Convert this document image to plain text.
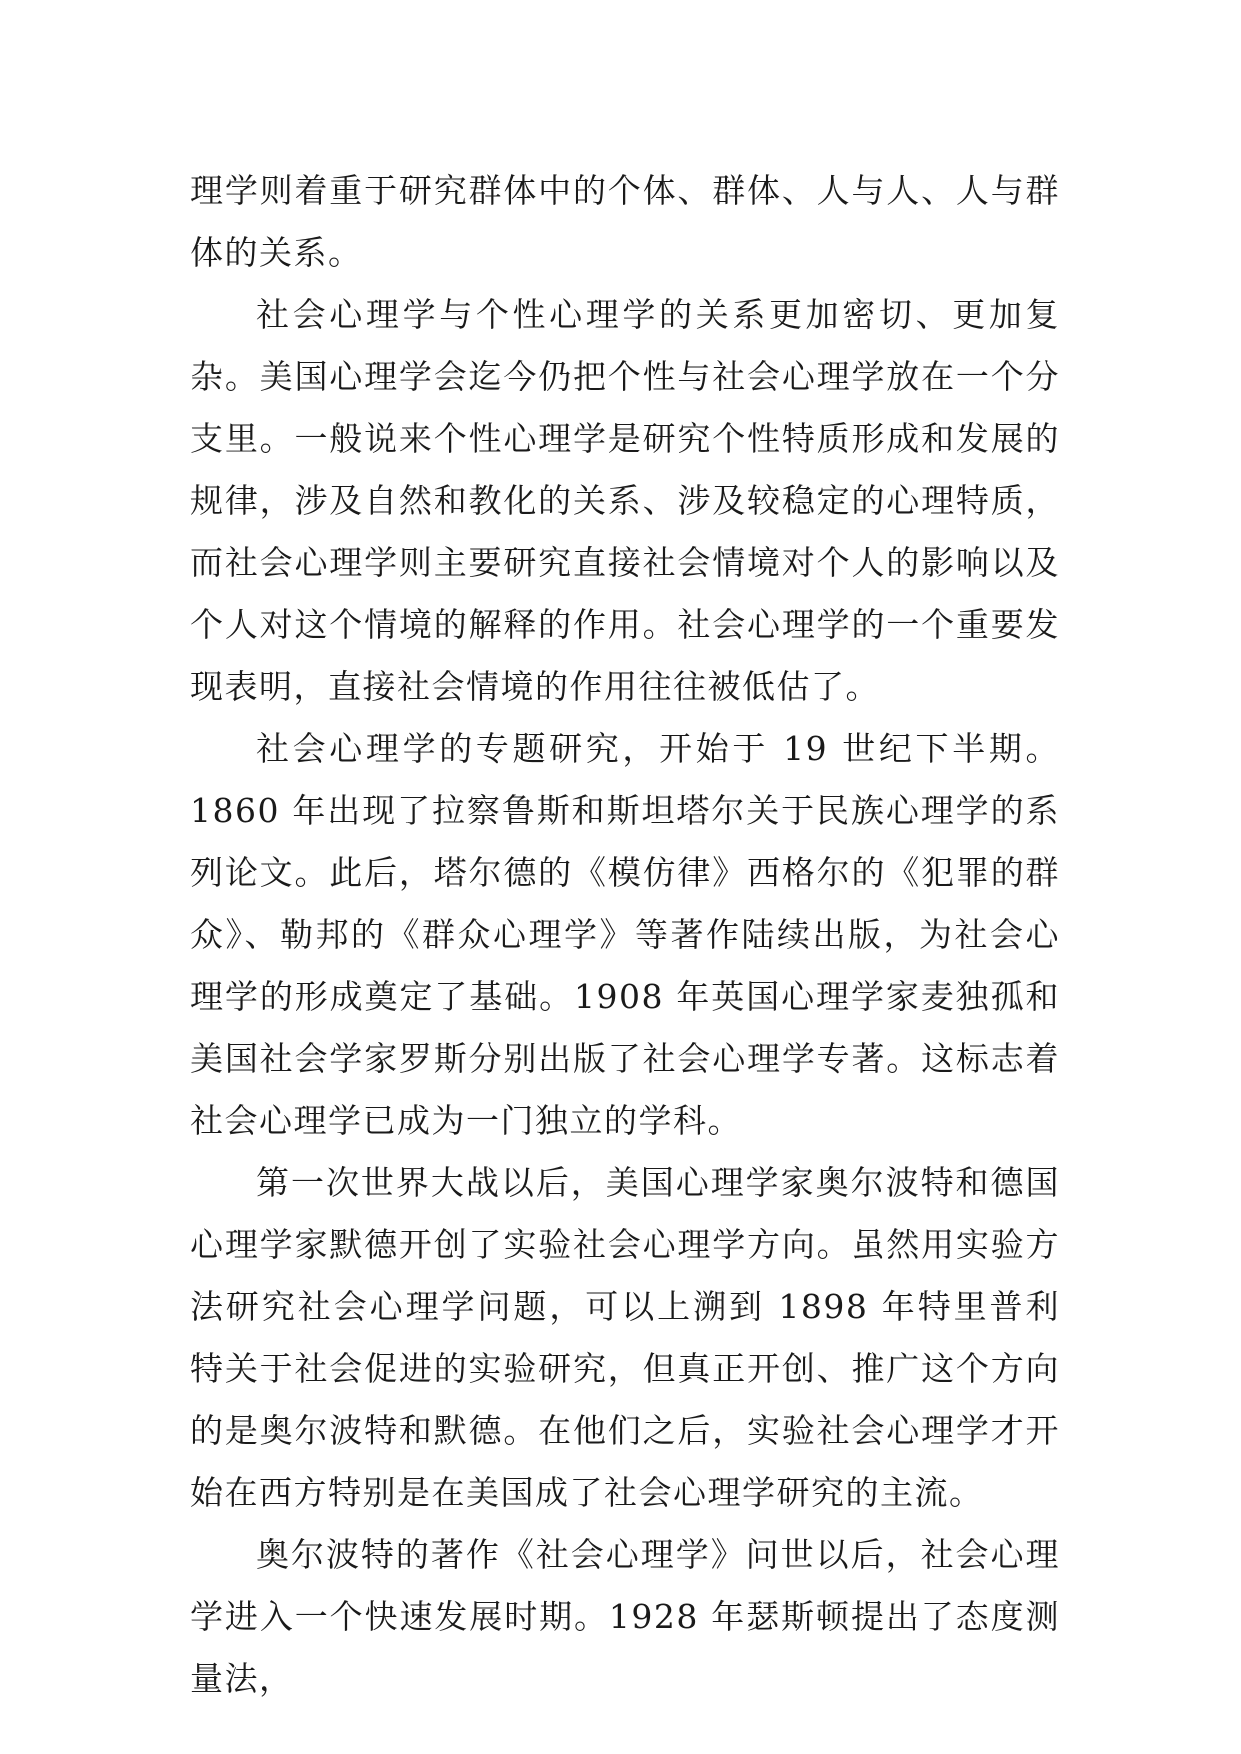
理学则着重于研究群体中的个体、群体、人与人、人与群体的关系。

社会心理学与个性心理学的关系更加密切、更加复杂。美国心理学会迄今仍把个性与社会心理学放在一个分支里。一般说来个性心理学是研究个性特质形成和发展的规律，涉及自然和教化的关系、涉及较稳定的心理特质，而社会心理学则主要研究直接社会情境对个人的影响以及个人对这个情境的解释的作用。社会心理学的一个重要发现表明，直接社会情境的作用往往被低估了。

社会心理学的专题研究，开始于 19 世纪下半期。1860 年出现了拉察鲁斯和斯坦塔尔关于民族心理学的系列论文。此后，塔尔德的《模仿律》西格尔的《犯罪的群众》、勒邦的《群众心理学》等著作陆续出版，为社会心理学的形成奠定了基础。1908 年英国心理学家麦独孤和美国社会学家罗斯分别出版了社会心理学专著。这标志着社会心理学已成为一门独立的学科。

第一次世界大战以后，美国心理学家奥尔波特和德国心理学家默德开创了实验社会心理学方向。虽然用实验方法研究社会心理学问题，可以上溯到 1898 年特里普利特关于社会促进的实验研究，但真正开创、推广这个方向的是奥尔波特和默德。在他们之后，实验社会心理学才开始在西方特别是在美国成了社会心理学研究的主流。

奥尔波特的著作《社会心理学》问世以后，社会心理学进入一个快速发展时期。1928 年瑟斯顿提出了态度测量法，
